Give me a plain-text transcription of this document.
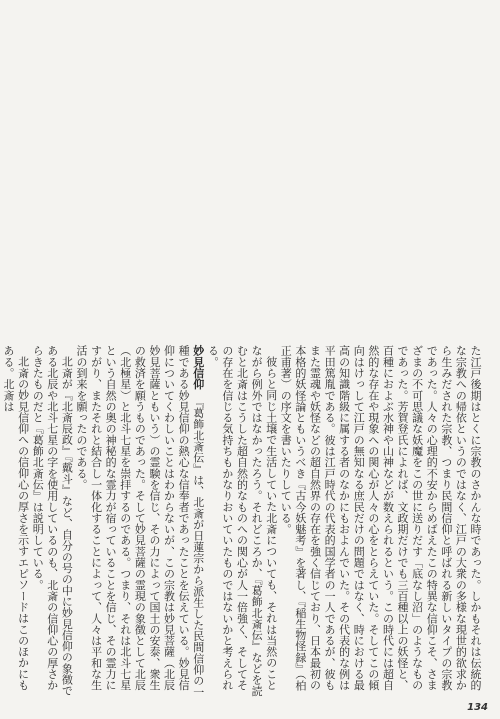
た江戸後期はとくに宗教のさかんな時であった。しかもそれは伝統的な宗教への帰依というのではなく、江戸の大衆の多様な現世的欲求から生みだされた宗教、つまり民間信仰と呼ばれる新しいタイプの宗教であった。人々の心理的不安からめばえたこの特異な信仰こそ、さまざまの不可思議な妖魔をこの世に送りだす「底なし沼」のようなものであった。芳賀登氏によれば、文政期だけでも三百種以上の妖怪と、百種におよぶ水神や山神などが数えられるという。この時代には超自然的な存在や現象への関心が人々の心をとらえていた。そしてこの傾向はけっして江戸の無知なる庶民だけの問題ではなく、時における最高の知識階級に属する者のなかにもおよんでいた。その代表的な例は平田篤胤である。彼は江戸時代の代表的国学者の一人であるが、彼もまた霊魂や妖怪などの超自然界の存在を強く信じており、日本最初の本格的妖怪論ともいうべき『古今妖魅考』を著し、『稲生物怪録』（柏正甫著）の序文を書いたりしている。

彼らと同じ土壌で生活していた北斎についても、それは当然のことながら例外ではなかったろう。それどころか、『葛飾北斎伝』などを読むと北斎はこうした超自然的なものへの関心が人一倍強く、そしてその存在を信じる気持ちもかなりおいていたものではないかと考えられる。

妙見信仰『葛飾北斎伝』は、北斎が日蓮宗から派生した民間信仰の一種である妙見信仰の熱心な信奉者であったことを伝えている。妙見信仰についてくわしいことはわからないが、この宗教は妙見菩薩（北辰妙見菩薩ともいう）の霊験を信じ、その力によって国土の安泰、衆生の救済を願うものであった。そして妙見菩薩の霊現の象徴として北辰（北極星）と北斗七星を崇拝するのである。つまり、それは北斗七星という自然の奥の神秘的な霊力が宿っていることを信じ、その霊力にすがり、またそれと結合し一体化することによって、人々は平和な生活の到来を願ったのである。

北斎が『北斎辰政』『戴斗』など、自分の号の中に妙見信仰の象徴である北辰や北斗七星の字を使用しているのも、北斎の信仰心の厚さからきたものだと『葛飾北斎伝』は説明している。

北斎の妙見信仰への信仰心の厚さを示すエピソードはこのほかにもある。北斎は

134
